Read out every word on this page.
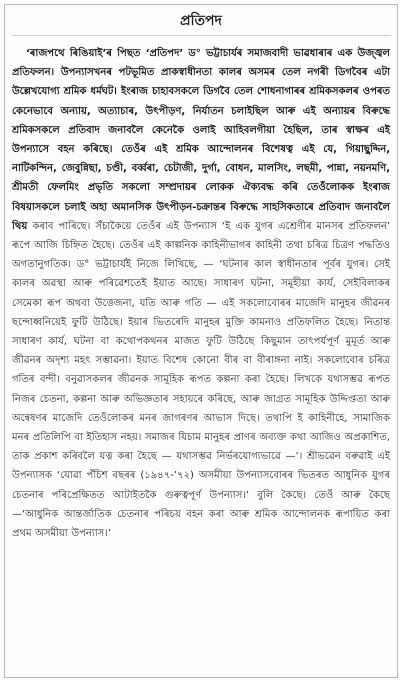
প্ৰতিপদ

‘ৰাজপথে ৰিঙিয়াই’ৰ পিছত ‘প্ৰতিপদ’ ড° ভট্টাচাৰ্যৰ সমাজবাদী ভাৱধাৰাৰ এক উজ্জ্বল প্ৰতিফলন। উপন্যাসখনৰ পটভূমিত প্ৰাকস্বাধীনতা কালৰ অসমৰ তেল নগৰী ডিগবৈৰ এটা উল্লেখযোগ্য শ্ৰমিক ধৰ্মঘট। ইংৰাজ চাহাবসকলে ডিগবৈ তেল শোধনাগাৰৰ শ্ৰমিকসকলৰ ওপৰত কেনেভাবে অন্যায়, অত্যাচাৰ, উৎপীড়ণ, নিৰ্যাতন চলাইছিল আৰু এই অন্যায়ৰ বিৰুদ্ধে শ্ৰমিকসকলে প্ৰতিবাদ জনাবলৈ কেনেকৈ ওলাই আহিবলগীয়া হৈছিল, তাৰ স্বাক্ষৰ এই উপন্যাসে বহন কৰিছে। তেওঁৰ এই শ্ৰমিক আন্দোলনৰ বিশেষত্ব এই যে, গিয়াছুদ্দিন, নাটিকন্দিন, জেবুন্নিছা, চণ্ডী, বৰ্ব্বৰা, চেটাজী, দুৰ্গা, বোধন, মালসিং, লছমী, পান্না, নয়নমণি, শ্ৰীমতী ফেলমিং প্ৰভৃতি সকলো সম্প্ৰদায়ৰ লোকক ঐক্যবদ্ধ কৰি তেওঁলোকক ইংৰাজ বিষয়াসকলে চলাই অহা অমানসিক উৎপীড়ন-চক্ৰান্তৰ বিৰুদ্ধে সাহসিকতাৰে প্ৰতিবাদ জনাবলৈ থিয় কৰাব পাৰিছে। সঁচাকৈয়ে তেওঁৰ এই উপন্যাস ‘ই এক যুগৰ এশ্ৰেণীৰ মানসৰ প্ৰতিফলন’ ৰূপে আজি চিহ্নিত হৈছে। তেওঁৰ এই কাল্পনিক কাহিনীভাগৰ কাহিনী তথা চৰিত্ৰ চিত্ৰণ পদ্ধতিও অগতানুগতিক। ড° ভট্টাচাৰ্যই নিজে লিখিছে, — ‘ঘটনাৰ কাল স্বাধীনতাৰ পূৰ্বৰ যুগৰ। সেই কালৰ অৱস্থা আৰু পৰিৱেশতেই ইয়াত আছে। সাধাৰণ ঘটনা, সমূহীয়া কাৰ্য, সেইবিলাকৰ সেমেকা ৰূপ অথবা উত্তেজনা, যতি আৰু গতি — এই সকলোবোৰৰ মাজেদি মানুহৰ জীৱনৰ ছন্দোধ্বনিয়েই ফুটি উঠিছে। ইয়াৰ ভিতৰেদি মানুহৰ মুক্তি কামনাও প্ৰতিফলিত হৈছে। নিতান্ত সাধাৰণ কাৰ্য, ঘটনা বা কথোপকথনৰ মাজত ফুটি উঠিছে কিছুমান তাৎপৰ্যপূৰ্ণ মুমূৰ্ত আৰু জীৱনৰ অদৃশ্য মহৎ সম্ভাৱনা। ইয়াত বিশেষ কোনো বীৰ বা বীৰাঙ্গনা নাই। সকলোবোৰ চৰিত্ৰ গতিৰ বন্দী। বনুৱাসকলৰ জীৱনক সামূহিক ৰূপত কল্পনা কৰা হৈছে। লিখকে যথাসম্ভৱ ৰূপত নিজৰ চেতনা, কল্পনা আৰু অভিজ্ঞতাৰ সহায়ৰে কৰিছে, আৰু জাগ্ৰত সামূহিক উদ্দিপ্ততা আৰু অন্বেষণৰ মাজেদি তেওঁলোকৰ মনৰ জাগৰণৰ আভাস দিছে। তথাপি ই কাহিনীহে, সামাজিক মনৰ প্ৰতিলিপি বা ইতিহাস নহয়। সমাজৰ যিচাম মানুহৰ প্ৰাণৰ অব্যক্ত কথা আজিও অপ্ৰকাশিত, তাক প্ৰকাশ কৰিবলৈ যত্ন কৰা হৈছে — যথাসম্ভৱ নিৰ্ভৰযোগ্যভাৱে —’। শ্ৰীভৱেন বৰুৱাই এই উপন্যাসক ‘যোৱা পঁচিশ বছৰৰ (১৯৪৭-’৭২) অসমীয়া উপন্যাসবোৰৰ ভিতৰত আধুনিক যুগৰ চেতনাৰ পৰিপ্ৰেক্ষিতত আটাইতকৈ গুৰুত্বপূৰ্ণ উপন্যাস।’ বুলি কৈছে। তেওঁ আৰু কৈছে —‘আধুনিক আন্তৰ্জাতিক চেতনাৰ পৰিচয় বহন কৰা আৰু শ্ৰমিক আন্দোলনক ৰূপায়িত কৰা প্ৰথম অসমীয়া উপন্যাস।’
